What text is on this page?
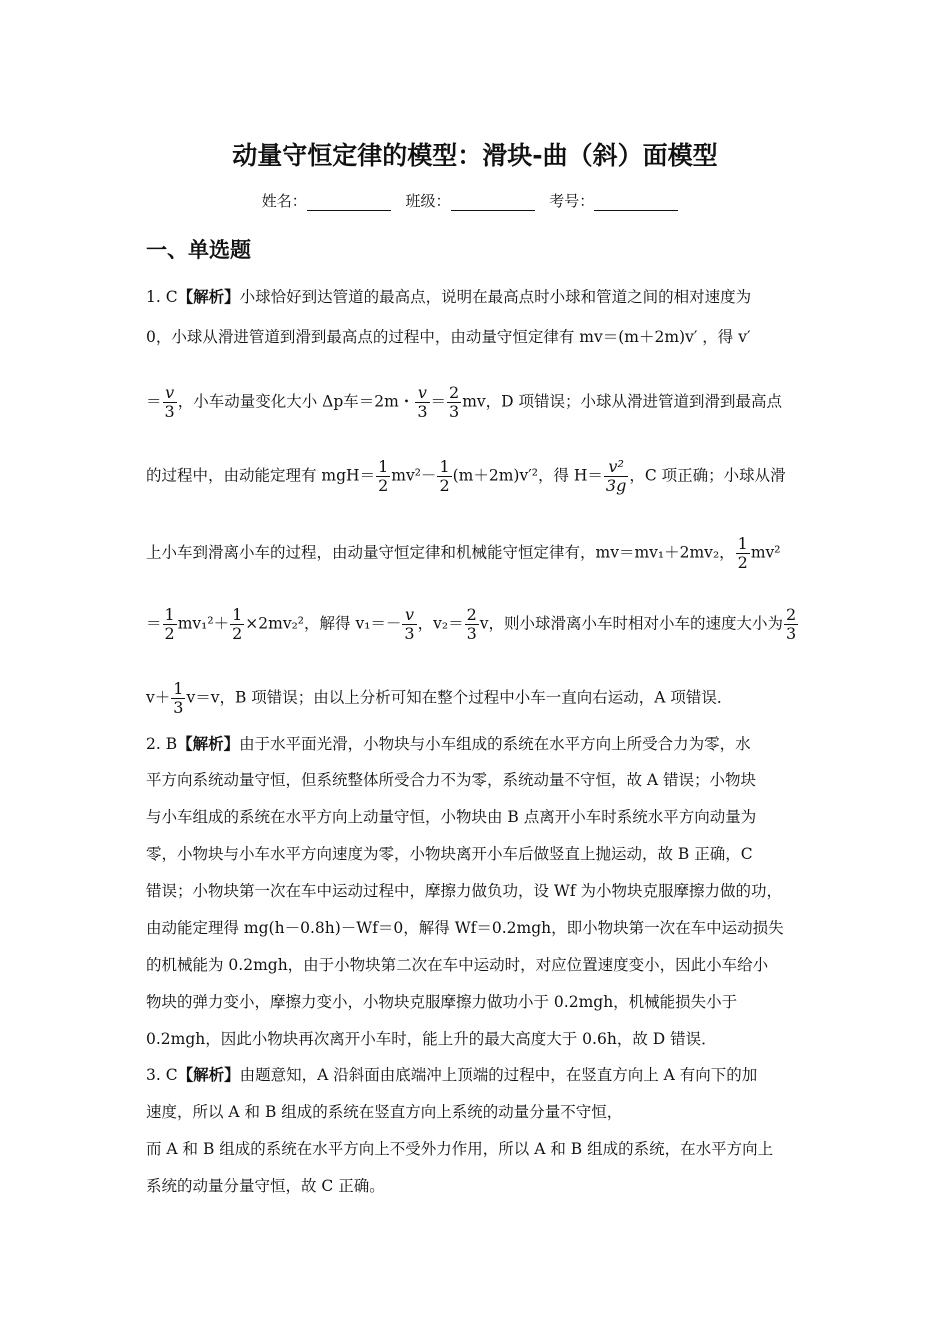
动量守恒定律的模型：滑块-曲（斜）面模型
姓名：	班级：	考号：
一、单选题
1. C【解析】小球恰好到达管道的最高点，说明在最高点时小球和管道之间的相对速度为
0，小球从滑进管道到滑到最高点的过程中，由动量守恒定律有 mv＝(m＋2m)v′ ，得 v′
＝ $\frac{v}{3}$ ，小车动量变化大小 Δp车＝2m・ $\frac{v}{3} = \frac{2}{3}$ mv，D 项错误；小球从滑进管道到滑到最高点
的过程中，由动能定理有 $mgH= \frac{1}{2} mv^2- \frac{1}{2} (m+2m)v'^2$，得 $H= \frac{\text{v²}}{3g}$ ，C 项正确；小球从滑
上小车到滑离小车的过程，由动量守恒定律和机械能守恒定律有，mv＝mv₁＋2mv₂， $\frac{1}{2} mv^2$
＝ $\frac{1}{2} mv_1^2+ \frac{1}{2} \times 2mv_2^2$，解得 $v_1=- \frac{v}{3}$ ，$v_2= \frac{2}{3}$ v，则小球滑离小车时相对小车的速度大小为 $\frac{2}{3}$
$v+ \frac{1}{3} v=v$，B 项错误；由以上分析可知在整个过程中小车一直向右运动，A 项错误．
2. B【解析】由于水平面光滑，小物块与小车组成的系统在水平方向上所受合力为零，水
平方向系统动量守恒，但系统整体所受合力不为零，系统动量不守恒，故 A 错误；小物块
与小车组成的系统在水平方向上动量守恒，小物块由 B 点离开小车时系统水平方向动量为
零，小物块与小车水平方向速度为零，小物块离开小车后做竖直上抛运动，故 B 正确，C
错误；小物块第一次在车中运动过程中，摩擦力做负功，设 Wf 为小物块克服摩擦力做的功，
由动能定理得 mg(h－0.8h)－Wf＝0，解得 Wf＝0.2mgh，即小物块第一次在车中运动损失
的机械能为 0.2mgh，由于小物块第二次在车中运动时，对应位置速度变小，因此小车给小
物块的弹力变小，摩擦力变小，小物块克服摩擦力做功小于 0.2mgh，机械能损失小于
0.2mgh，因此小物块再次离开小车时，能上升的最大高度大于 0.6h，故 D 错误．
3. C【解析】由题意知，A 沿斜面由底端冲上顶端的过程中，在竖直方向上 A 有向下的加
速度，所以 A 和 B 组成的系统在竖直方向上系统的动量分量不守恒，
而 A 和 B 组成的系统在水平方向上不受外力作用，所以 A 和 B 组成的系统，在水平方向上
系统的动量分量守恒，故 C 正确。
